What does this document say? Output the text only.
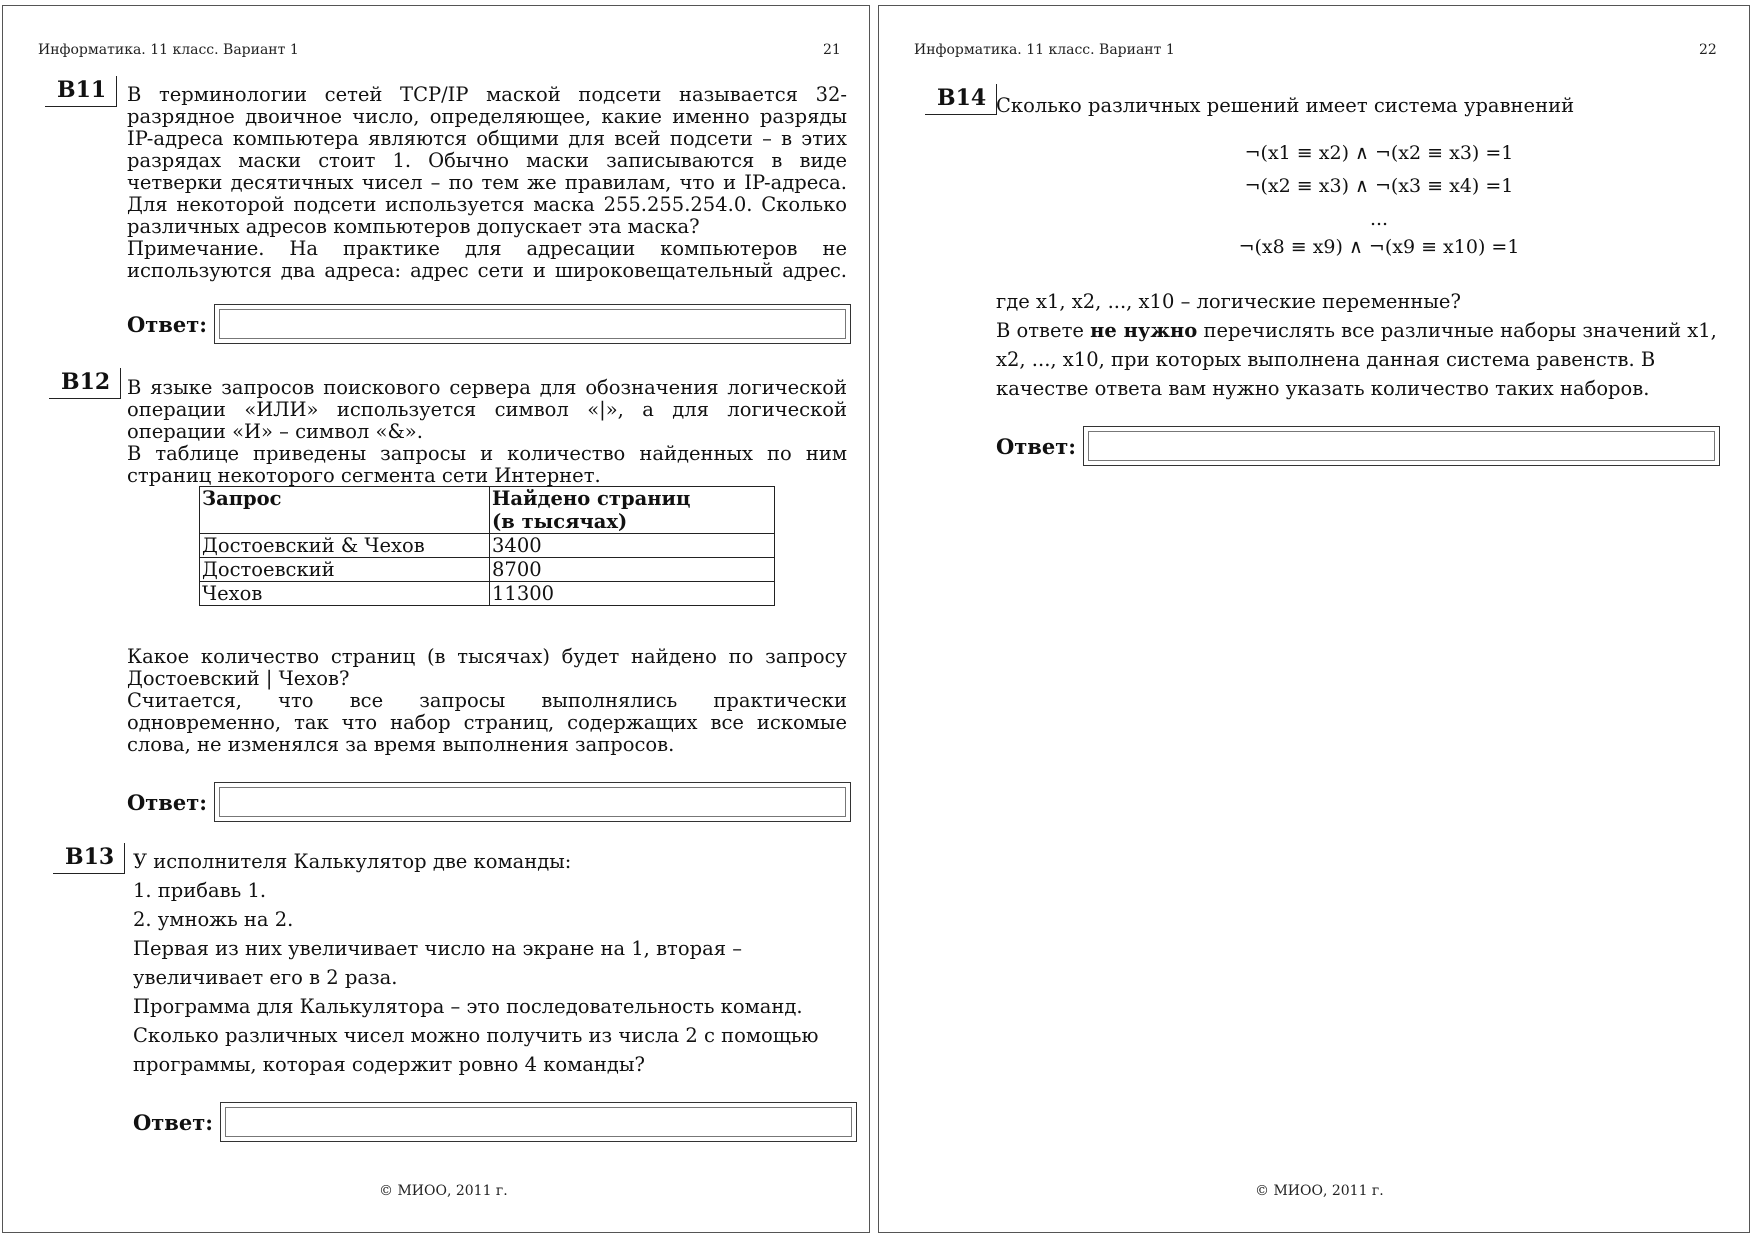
Информатика. 11 класс. Вариант 1	21
B11	В терминологии сетей TCP/IP маской подсети называется 32-разрядное двоичное число, определяющее, какие именно разряды IP-адреса компьютера являются общими для всей подсети – в этих разрядах маски стоит 1. Обычно маски записываются в виде четверки десятичных чисел – по тем же правилам, что и IP-адреса. Для некоторой подсети используется маска 255.255.254.0. Сколько различных адресов компьютеров допускает эта маска?

Примечание. На практике для адресации компьютеров не используются два адреса: адрес сети и широковещательный адрес.

Ответ:
B12 В языке запросов поискового сервера для обозначения логической операции «ИЛИ» используется символ «|», а для логической операции «И» – символ «&».

В таблице приведены запросы и количество найденных по ним страниц некоторого сегмента сети Интернет.

Запрос	Найдено страниц
(в тысячах)
Достоевский & Чехов	3400
Достоевский	8700
Чехов	11300

Какое количество страниц (в тысячах) будет найдено по запросу Достоевский | Чехов?

Считается, что все запросы выполнялись практически одновременно, так что набор страниц, содержащих все искомые слова, не изменялся за время выполнения запросов.

Ответ:
B13 У исполнителя Калькулятор две команды:

1. прибавь 1.

2. умножь на 2.

Первая из них увеличивает число на экране на 1, вторая –

увеличивает его в 2 раза.

Программа для Калькулятора – это последовательность команд.

Сколько различных чисел можно получить из числа 2 с помощью

программы, которая содержит ровно 4 команды?

Ответ:
© МИОО, 2011 г.
Информатика. 11 класс. Вариант 1	22
B14 Сколько различных решений имеет система уравнений
¬(x1 ≡ x2) ∧ ¬(x2 ≡ x3) =1
¬(x2 ≡ x3) ∧ ¬(x3 ≡ x4) =1
...
¬(x8 ≡ x9) ∧ ¬(x9 ≡ x10) =1

где x1, x2, ..., x10 – логические переменные?

В ответе не нужно перечислять все различные наборы значений x1,

x2, ..., x10, при которых выполнена данная система равенств. В

качестве ответа вам нужно указать количество таких наборов.

Ответ:
© МИОО, 2011 г.
